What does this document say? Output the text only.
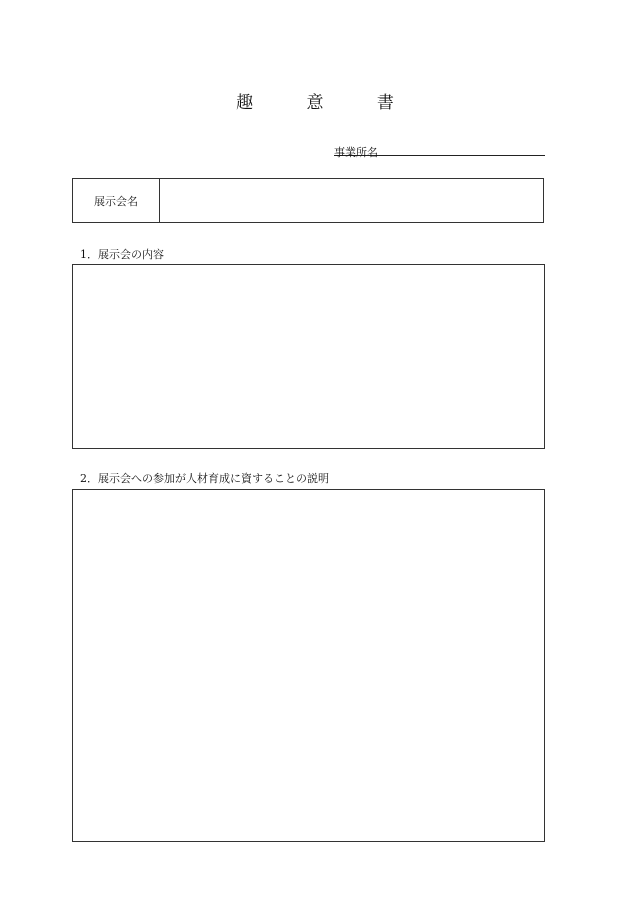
趣 意 書
事業所名
展示会名
1．展示会の内容
2．展示会への参加が人材育成に資することの説明
